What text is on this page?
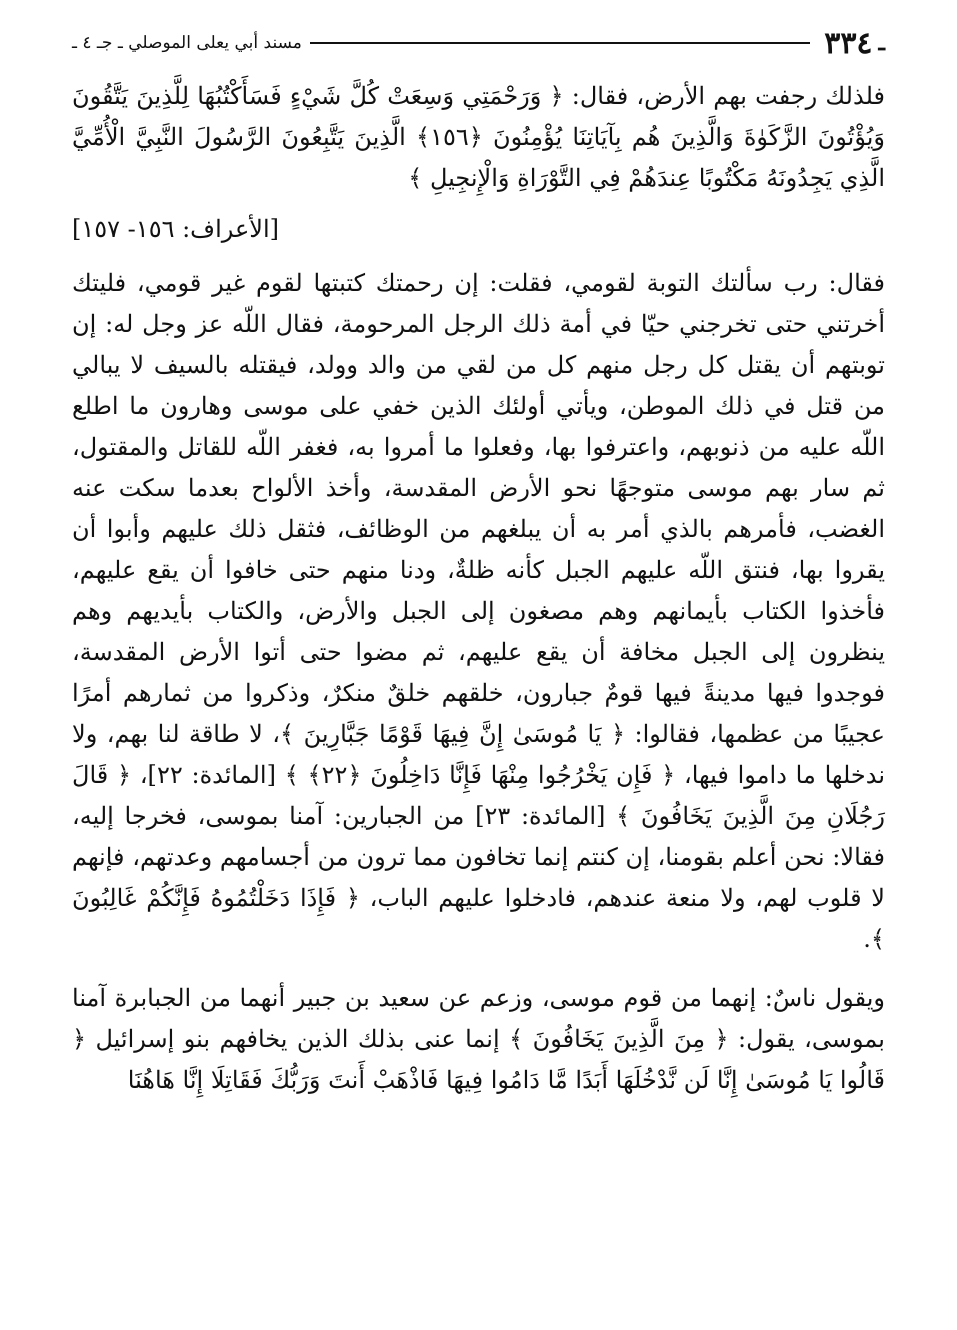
ـ
٣٣٤
مسند أبي يعلى الموصلي ـ جـ ٤ ـ

فلذلك رجفت بهم الأرض، فقال: ﴿ وَرَحْمَتِي وَسِعَتْ كُلَّ شَيْءٍ فَسَأَكْتُبُهَا لِلَّذِينَ يَتَّقُونَ وَيُؤْتُونَ الزَّكَوٰةَ وَالَّذِينَ هُم بِآيَاتِنَا يُؤْمِنُونَ ﴿١٥٦﴾ الَّذِينَ يَتَّبِعُونَ الرَّسُولَ النَّبِيَّ الْأُمِّيَّ الَّذِي يَجِدُونَهُ مَكْتُوبًا عِندَهُمْ فِي التَّوْرَاةِ وَالْإِنجِيلِ ﴾

[الأعراف: ١٥٦- ١٥٧]

فقال: رب سألتك التوبة لقومي، فقلت: إن رحمتك كتبتها لقوم غير قومي، فليتك أخرتني حتى تخرجني حيّا في أمة ذلك الرجل المرحومة، فقال اللّه عز وجل له: إن توبتهم أن يقتل كل رجل منهم كل من لقي من والد وولد، فيقتله بالسيف لا يبالي من قتل في ذلك الموطن، ويأتي أولئك الذين خفي على موسى وهارون ما اطلع اللّه عليه من ذنوبهم، واعترفوا بها، وفعلوا ما أمروا به، فغفر اللّه للقاتل والمقتول، ثم سار بهم موسى متوجهًا نحو الأرض المقدسة، وأخذ الألواح بعدما سكت عنه الغضب، فأمرهم بالذي أمر به أن يبلغهم من الوظائف، فثقل ذلك عليهم وأبوا أن يقروا بها، فنتق اللّه عليهم الجبل كأنه ظلةٌ، ودنا منهم حتى خافوا أن يقع عليهم، فأخذوا الكتاب بأيمانهم وهم مصغون إلى الجبل والأرض، والكتاب بأيديهم وهم ينظرون إلى الجبل مخافة أن يقع عليهم، ثم مضوا حتى أتوا الأرض المقدسة، فوجدوا فيها مدينةً فيها قومٌ جبارون، خلقهم خلقٌ منكرٌ، وذكروا من ثمارهم أمرًا عجيبًا من عظمها، فقالوا: ﴿ يَا مُوسَىٰ إِنَّ فِيهَا قَوْمًا جَبَّارِينَ ﴾، لا طاقة لنا بهم، ولا ندخلها ما داموا فيها، ﴿ فَإِن يَخْرُجُوا مِنْهَا فَإِنَّا دَاخِلُونَ ﴿٢٢﴾ ﴾ [المائدة: ٢٢]، ﴿ قَالَ رَجُلَانِ مِنَ الَّذِينَ يَخَافُونَ ﴾ [المائدة: ٢٣] من الجبارين: آمنا بموسى، فخرجا إليه، فقالا: نحن أعلم بقومنا، إن كنتم إنما تخافون مما ترون من أجسامهم وعدتهم، فإنهم لا قلوب لهم، ولا منعة عندهم، فادخلوا عليهم الباب، ﴿ فَإِذَا دَخَلْتُمُوهُ فَإِنَّكُمْ غَالِبُونَ ﴾.

ويقول ناسٌ: إنهما من قوم موسى، وزعم عن سعيد بن جبير أنهما من الجبابرة آمنا بموسى، يقول: ﴿ مِنَ الَّذِينَ يَخَافُونَ ﴾ إنما عنى بذلك الذين يخافهم بنو إسرائيل ﴿ قَالُوا يَا مُوسَىٰ إِنَّا لَن نَّدْخُلَهَا أَبَدًا مَّا دَامُوا فِيهَا فَاذْهَبْ أَنتَ وَرَبُّكَ فَقَاتِلَا إِنَّا هَاهُنَا
